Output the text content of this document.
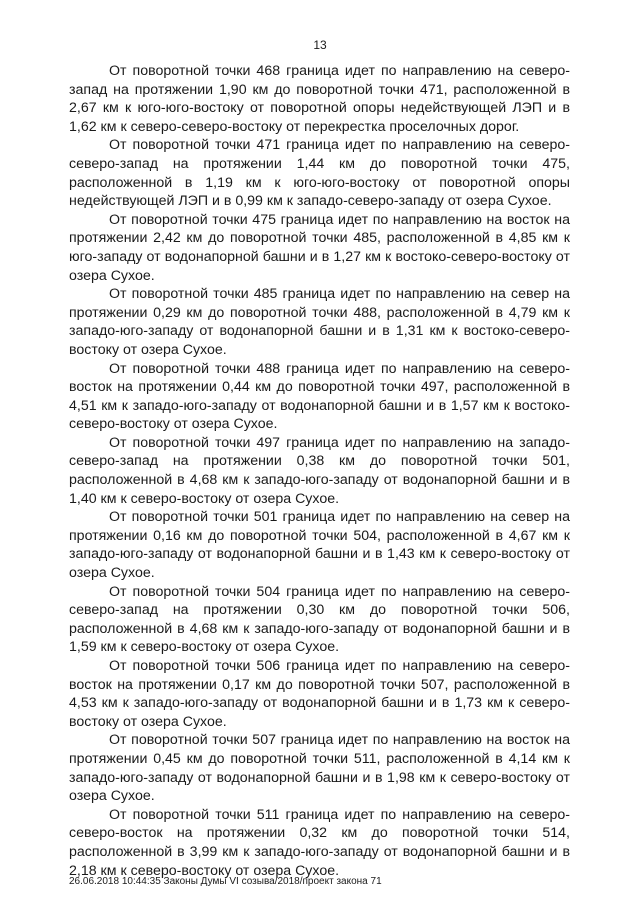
13

От поворотной точки 468 граница идет по направлению на северо-запад на протяжении 1,90 км до поворотной точки 471, расположенной в 2,67 км к юго-юго-востоку от поворотной опоры недействующей ЛЭП и в 1,62 км к северо-северо-востоку от перекрестка проселочных дорог.

От поворотной точки 471 граница идет по направлению на северо-северо-запад на протяжении 1,44 км до поворотной точки 475, расположенной в 1,19 км к юго-юго-востоку от поворотной опоры недействующей ЛЭП и в 0,99 км к западо-северо-западу от озера Сухое.

От поворотной точки 475 граница идет по направлению на восток на протяжении 2,42 км до поворотной точки 485, расположенной в 4,85 км к юго-западу от водонапорной башни и в 1,27 км к востоко-северо-востоку от озера Сухое.

От поворотной точки 485 граница идет по направлению на север на протяжении 0,29 км до поворотной точки 488, расположенной в 4,79 км к западо-юго-западу от водонапорной башни и в 1,31 км к востоко-северо-востоку от озера Сухое.

От поворотной точки 488 граница идет по направлению на северо-восток на протяжении 0,44 км до поворотной точки 497, расположенной в 4,51 км к западо-юго-западу от водонапорной башни и в 1,57 км к востоко-северо-востоку от озера Сухое.

От поворотной точки 497 граница идет по направлению на западо-северо-запад на протяжении 0,38 км до поворотной точки 501, расположенной в 4,68 км к западо-юго-западу от водонапорной башни и в 1,40 км к северо-востоку от озера Сухое.

От поворотной точки 501 граница идет по направлению на север на протяжении 0,16 км до поворотной точки 504, расположенной в 4,67 км к западо-юго-западу от водонапорной башни и в 1,43 км к северо-востоку от озера Сухое.

От поворотной точки 504 граница идет по направлению на северо-северо-запад на протяжении 0,30 км до поворотной точки 506, расположенной в 4,68 км к западо-юго-западу от водонапорной башни и в 1,59 км к северо-востоку от озера Сухое.

От поворотной точки 506 граница идет по направлению на северо-восток на протяжении 0,17 км до поворотной точки 507, расположенной в 4,53 км к западо-юго-западу от водонапорной башни и в 1,73 км к северо-востоку от озера Сухое.

От поворотной точки 507 граница идет по направлению на восток на протяжении 0,45 км до поворотной точки 511, расположенной в 4,14 км к западо-юго-западу от водонапорной башни и в 1,98 км к северо-востоку от озера Сухое.

От поворотной точки 511 граница идет по направлению на северо-северо-восток на протяжении 0,32 км до поворотной точки 514, расположенной в 3,99 км к западо-юго-западу от водонапорной башни и в 2,18 км к северо-востоку от озера Сухое.

26.06.2018 10:44:35 Законы Думы VI созыва/2018/проект закона 71
